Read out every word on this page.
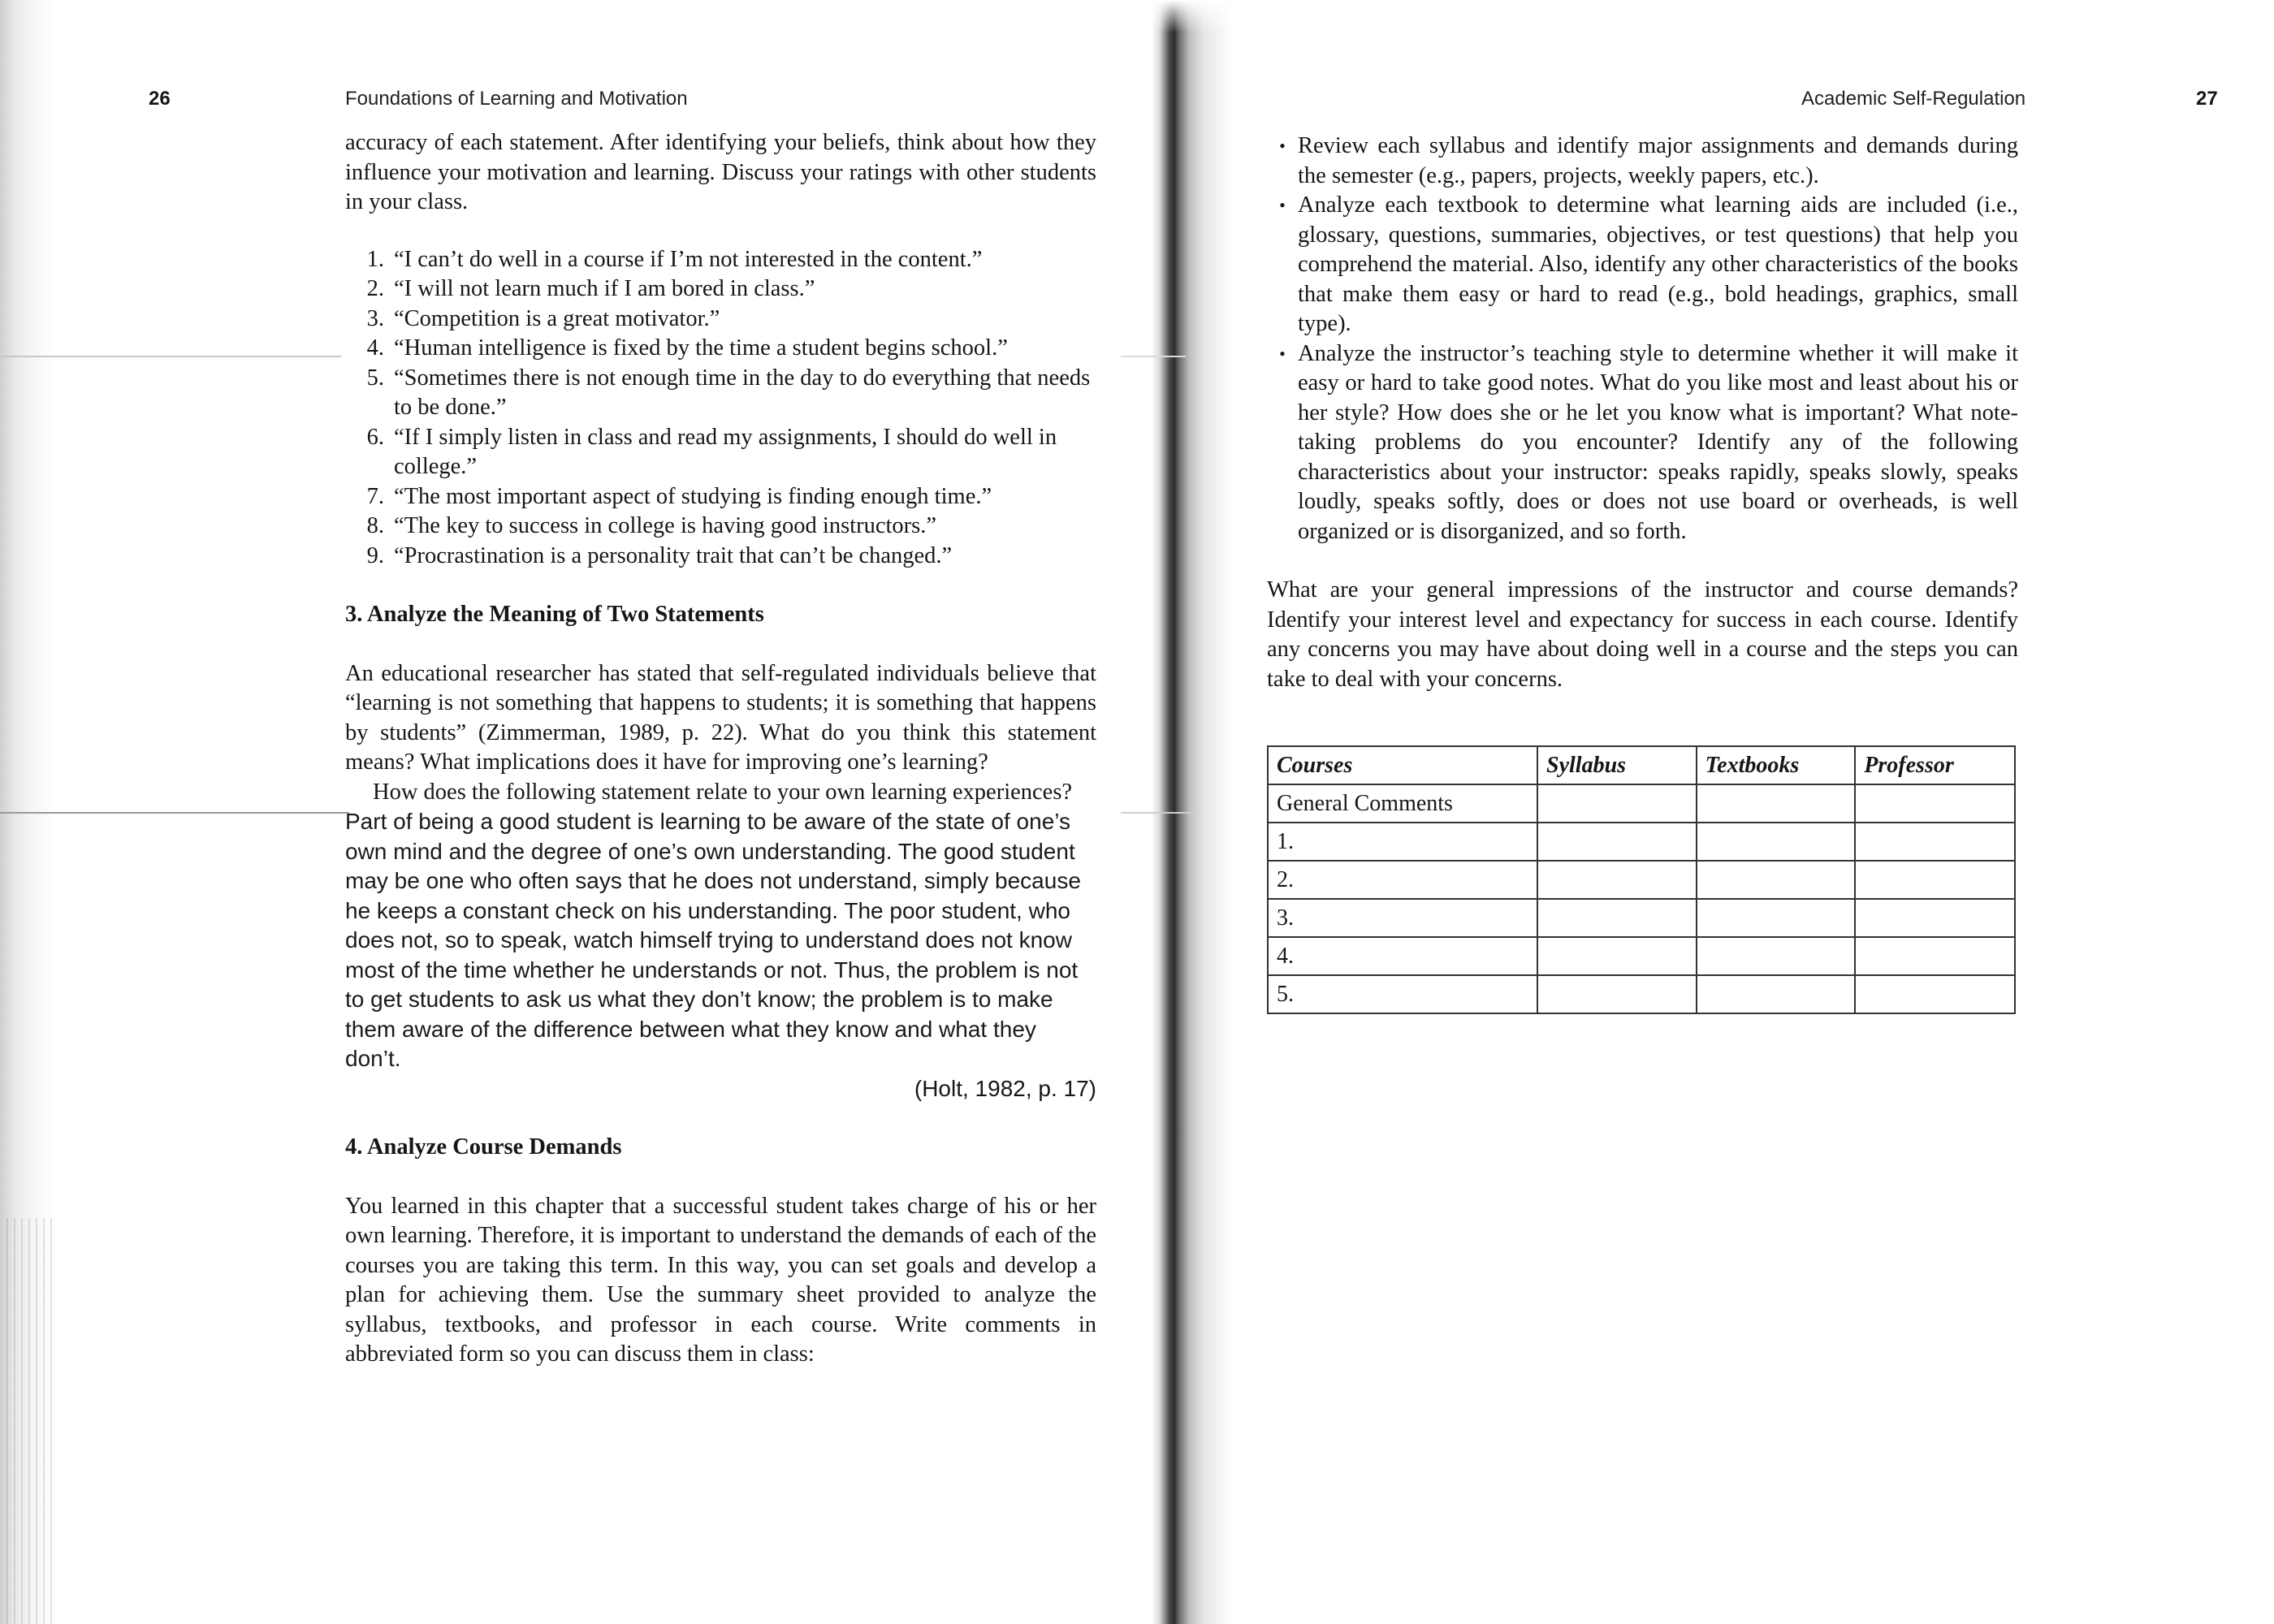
26	Foundations of Learning and Motivation

accuracy of each statement. After identifying your beliefs, think about how they influence your motivation and learning. Discuss your ratings with other students in your class.

1. “I can’t do well in a course if I’m not interested in the content.”
2. “I will not learn much if I am bored in class.”
3. “Competition is a great motivator.”
4. “Human intelligence is fixed by the time a student begins school.”
5. “Sometimes there is not enough time in the day to do everything that needs to be done.”
6. “If I simply listen in class and read my assignments, I should do well in college.”
7. “The most important aspect of studying is finding enough time.”
8. “The key to success in college is having good instructors.”
9. “Procrastination is a personality trait that can’t be changed.”
3. Analyze the Meaning of Two Statements

An educational researcher has stated that self-regulated individuals believe that “learning is not something that happens to students; it is something that happens by students” (Zimmerman, 1989, p. 22). What do you think this statement means? What implications does it have for improving one’s learning?

How does the following statement relate to your own learning experiences?

Part of being a good student is learning to be aware of the state of one’s own mind and the degree of one’s own understanding. The good student may be one who often says that he does not understand, simply because he keeps a constant check on his understanding. The poor student, who does not, so to speak, watch himself trying to understand does not know most of the time whether he understands or not. Thus, the problem is not to get students to ask us what they don’t know; the problem is to make them aware of the difference between what they know and what they don’t.

(Holt, 1982, p. 17)

4. Analyze Course Demands

You learned in this chapter that a successful student takes charge of his or her own learning. Therefore, it is important to understand the demands of each of the courses you are taking this term. In this way, you can set goals and develop a plan for achieving them. Use the summary sheet provided to analyze the syllabus, textbooks, and professor in each course. Write comments in abbreviated form so you can discuss them in class:

Academic Self-Regulation	27
• Review each syllabus and identify major assignments and demands during the semester (e.g., papers, projects, weekly papers, etc.).
• Analyze each textbook to determine what learning aids are included (i.e., glossary, questions, summaries, objectives, or test questions) that help you comprehend the material. Also, identify any other characteristics of the books that make them easy or hard to read (e.g., bold headings, graphics, small type).
• Analyze the instructor’s teaching style to determine whether it will make it easy or hard to take good notes. What do you like most and least about his or her style? How does she or he let you know what is important? What note-taking problems do you encounter? Identify any of the following characteristics about your instructor: speaks rapidly, speaks slowly, speaks loudly, speaks softly, does or does not use board or overheads, is well organized or is disorganized, and so forth.

What are your general impressions of the instructor and course demands? Identify your interest level and expectancy for success in each course. Identify any concerns you may have about doing well in a course and the steps you can take to deal with your concerns.

Courses	Syllabus	Textbooks	Professor
General Comments			
1.			
2.			
3.			
4.			
5.			
